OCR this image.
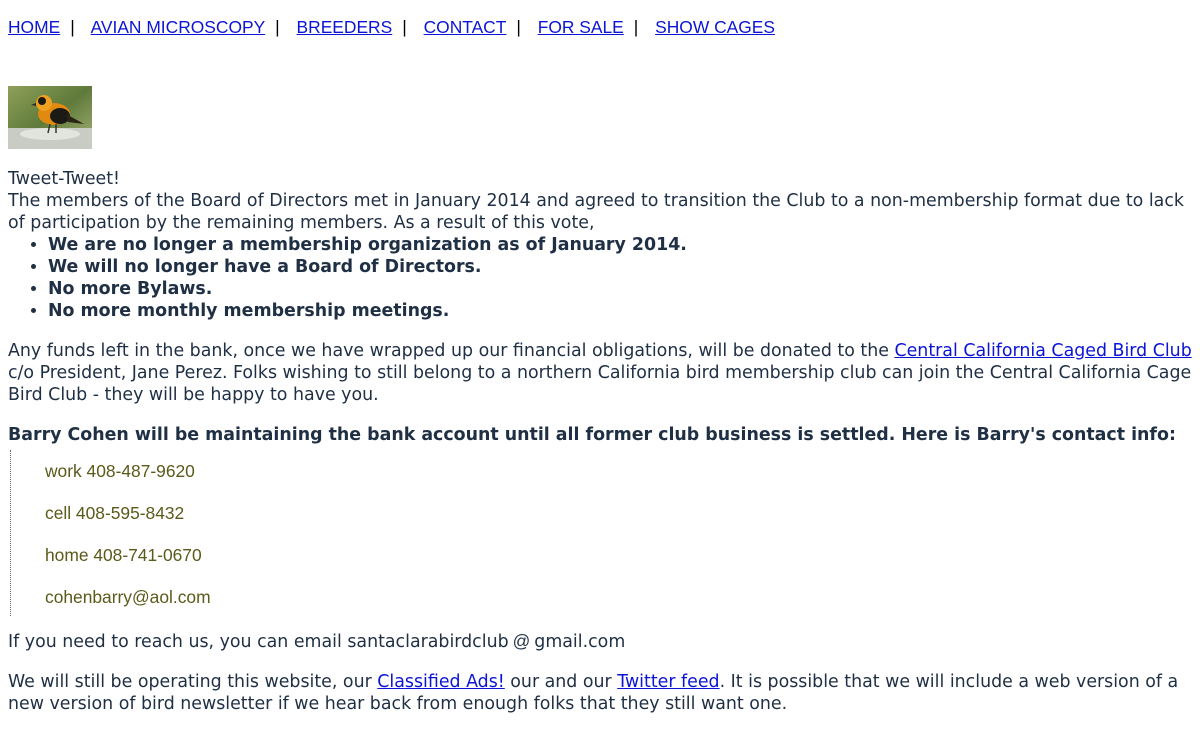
HOME | AVIAN MICROSCOPY | BREEDERS | CONTACT | FOR SALE | SHOW CAGES

Tweet-Tweet!

The members of the Board of Directors met in January 2014 and agreed to transition the Club to a non-membership format due to lack of participation by the remaining members. As a result of this vote,

• We are no longer a membership organization as of January 2014.
• We will no longer have a Board of Directors.
• No more Bylaws.
• No more monthly membership meetings.

Any funds left in the bank, once we have wrapped up our financial obligations, will be donated to the Central California Caged Bird Club c/o President, Jane Perez. Folks wishing to still belong to a northern California bird membership club can join the Central California Cage Bird Club - they will be happy to have you.

Barry Cohen will be maintaining the bank account until all former club business is settled. Here is Barry's contact info:

work 408-487-9620
cell 408-595-8432
home 408-741-0670
cohenbarry@aol.com

If you need to reach us, you can email santaclarabirdclub @ gmail.com

We will still be operating this website, our Classified Ads! our and our Twitter feed. It is possible that we will include a web version of a new version of bird newsletter if we hear back from enough folks that they still want one.
